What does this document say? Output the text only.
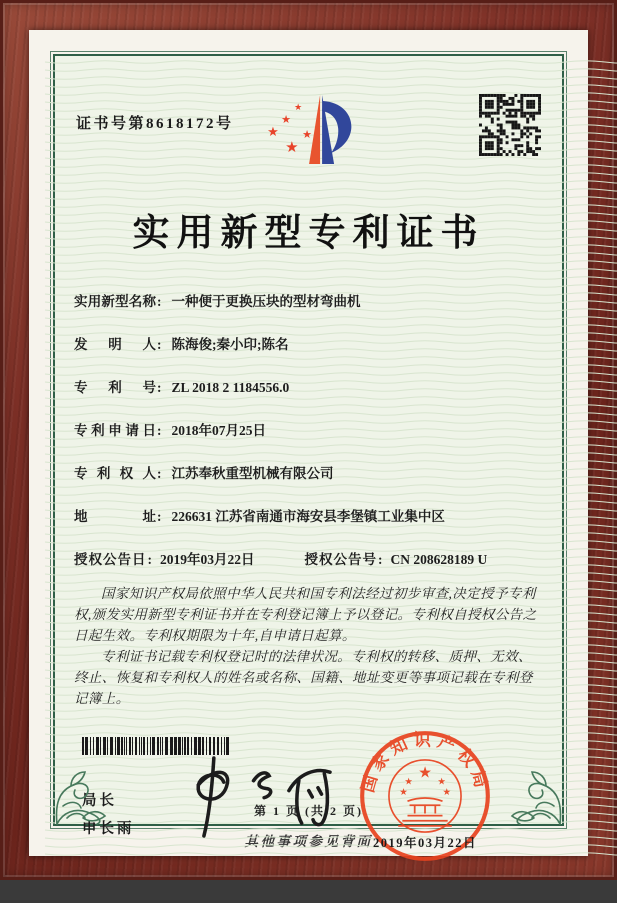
证书号第8618172号	★
★
★
★
★
实用新型专利证书
实用新型名称: 一种便于更换压块的型材弯曲机
发明人: 陈海俊;秦小印;陈名
专利号: ZL 2018 2 1184556.0
专利申请日: 2018年07月25日
专利权人: 江苏奉秋重型机械有限公司
地址: 226631 江苏省南通市海安县李堡镇工业集中区
授权公告日: 2019年03月22日	授权公告号: CN 208628189 U

国家知识产权局依照中华人民共和国专利法经过初步审查,决定授予专利权,颁发实用新型专利证书并在专利登记簿上予以登记。专利权自授权公告之日起生效。专利权期限为十年,自申请日起算。

专利证书记载专利权登记时的法律状况。专利权的转移、质押、无效、终止、恢复和专利权人的姓名或名称、国籍、地址变更等事项记载在专利登记簿上。

局长
申长雨
国家知识产权局
★
★	★
★	★
2019年03月22日
第 1 页 (共 2 页)
其他事项参见背面
